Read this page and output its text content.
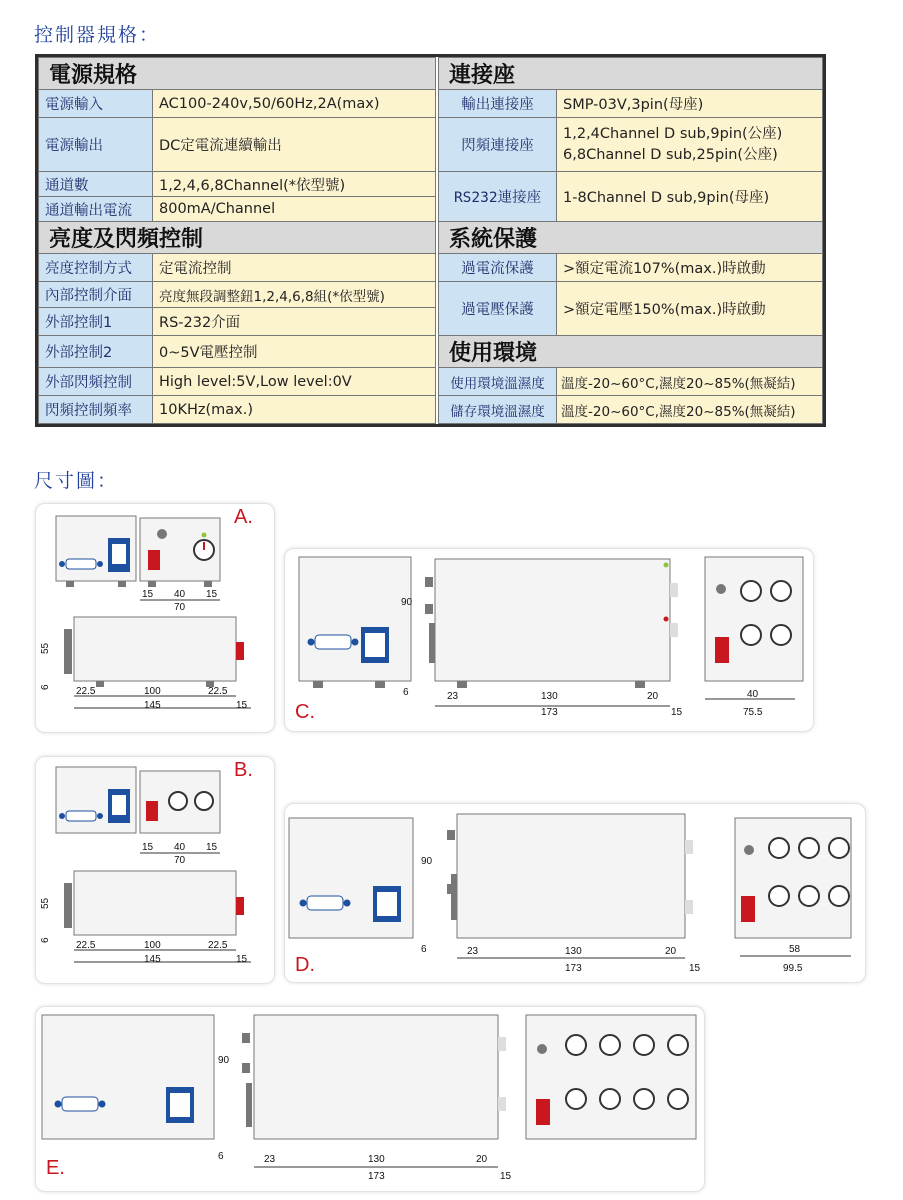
控制器規格：
電源規格			連接座	
電源輸入	AC100-240v,50/60Hz,2A(max)		輸出連接座	SMP-03V,3pin(母座)
電源輸出	DC定電流連續輸出		閃頻連接座	1,2,4Channel D sub,9pin(公座)
6,8Channel D sub,25pin(公座)

通道數	1,2,4,6,8Channel(*依型號)		RS232連接座	1-8Channel D sub,9pin(母座)
通道輸出電流	800mA/Channel			
亮度及閃頻控制			系統保護	
亮度控制方式	定電流控制		過電流保護	>額定電流107%(max.)時啟動
內部控制介面	亮度無段調整鈕1,2,4,6,8組(*依型號)		過電壓保護	>額定電壓150%(max.)時啟動
外部控制1	RS-232介面			
外部控制2	0~5V電壓控制		使用環境	
外部閃頻控制	High level:5V,Low level:0V		使用環境溫濕度	溫度-20~60°C,濕度20~85%(無凝結)
閃頻控制頻率	10KHz(max.)		儲存環境溫濕度	溫度-20~60°C,濕度20~85%(無凝結)
尺寸圖：
A.
15 40 15
70
55
6	22.5	100	22.5
145	15 C.
90
6	23	130	20
173	15
40
75.5
B.
15 40 15
70
55
6	22.5	100	22.5
145	15 D.
90
6	23	130	20
173	15
58
99.5
E.
90
6	23	130	20
173	15
